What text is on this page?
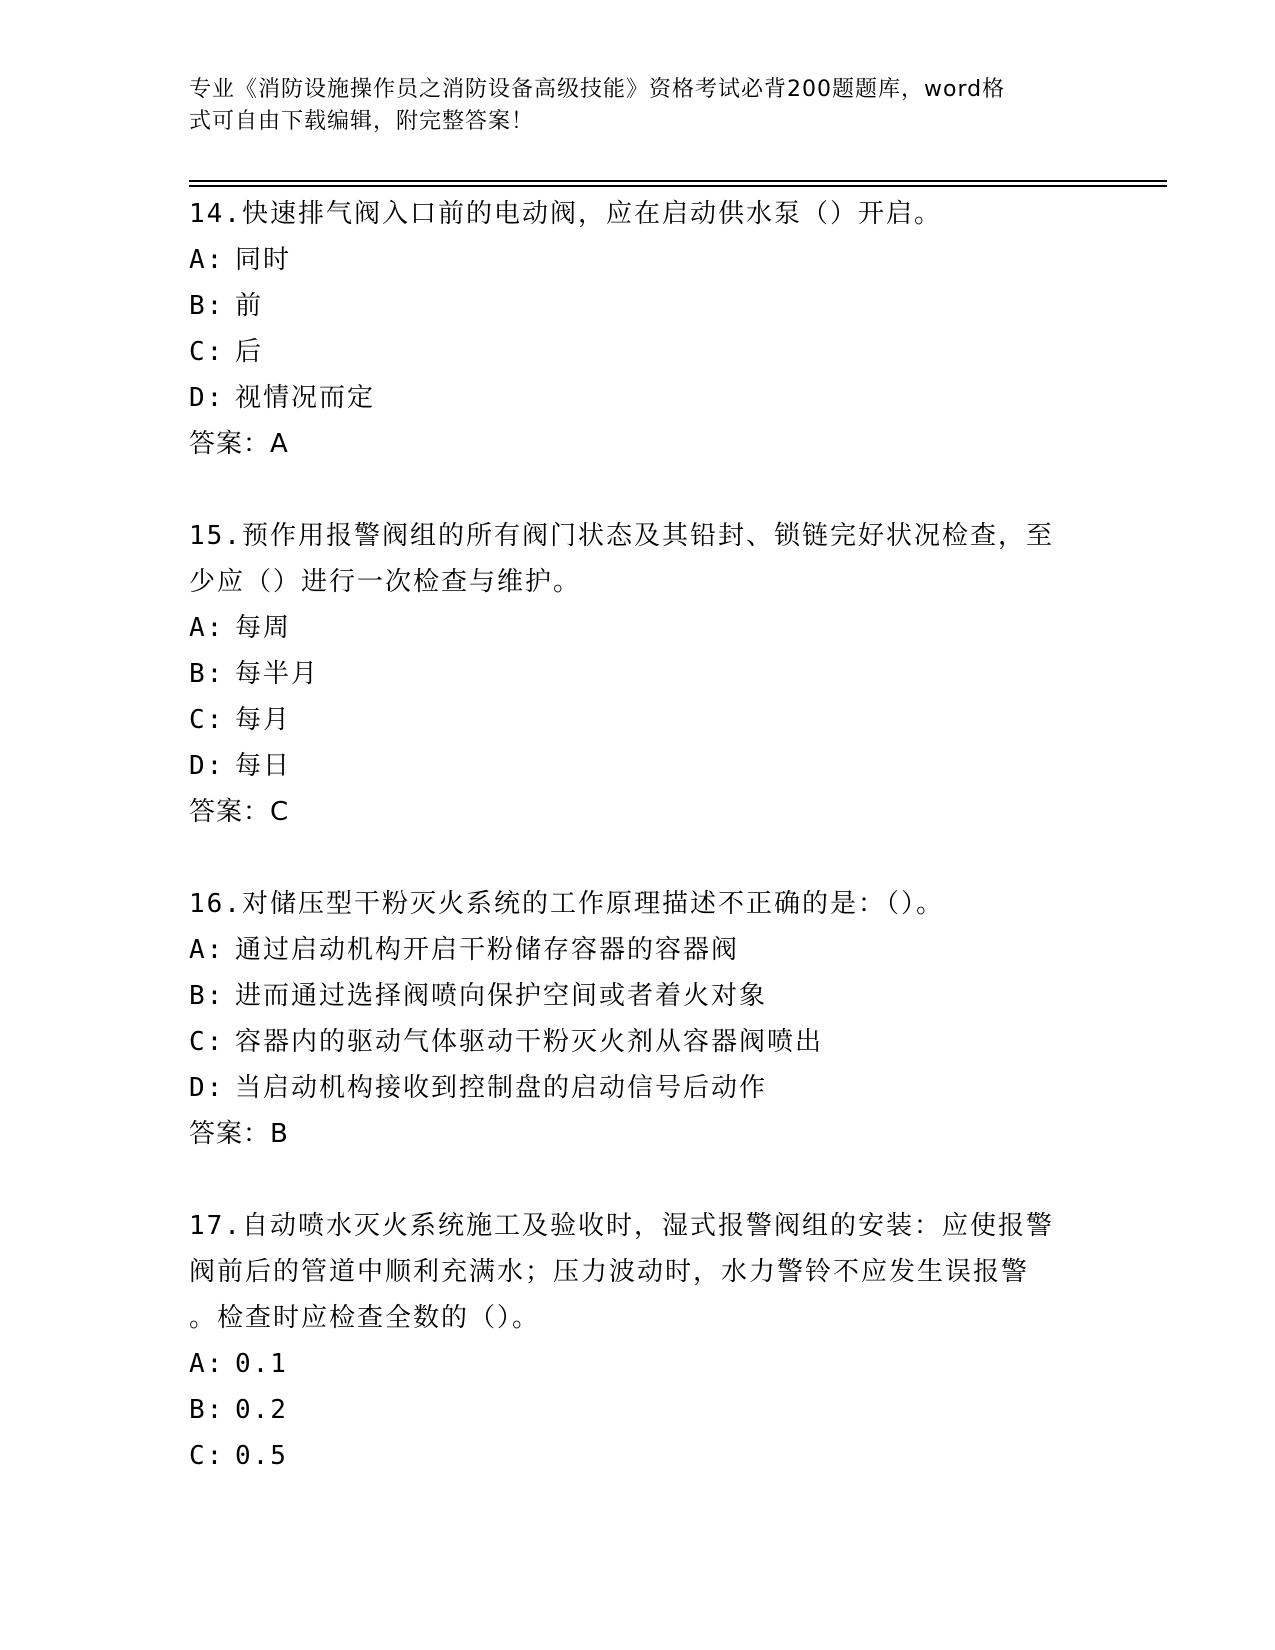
专业《消防设施操作员之消防设备高级技能》资格考试必背200题题库，word格
式可自由下载编辑，附完整答案！
14.快速排气阀入口前的电动阀，应在启动供水泵（）开启。
A: 同时
B: 前
C: 后
D: 视情况而定
答案：A
15.预作用报警阀组的所有阀门状态及其铅封、锁链完好状况检查，至
少应（）进行一次检查与维护。
A: 每周
B: 每半月
C: 每月
D: 每日
答案：C
16.对储压型干粉灭火系统的工作原理描述不正确的是：（）。
A: 通过启动机构开启干粉储存容器的容器阀
B: 进而通过选择阀喷向保护空间或者着火对象
C: 容器内的驱动气体驱动干粉灭火剂从容器阀喷出
D: 当启动机构接收到控制盘的启动信号后动作
答案：B
17.自动喷水灭火系统施工及验收时，湿式报警阀组的安装：应使报警
阀前后的管道中顺利充满水；压力波动时，水力警铃不应发生误报警
。检查时应检查全数的（）。
A: 0.1
B: 0.2
C: 0.5
